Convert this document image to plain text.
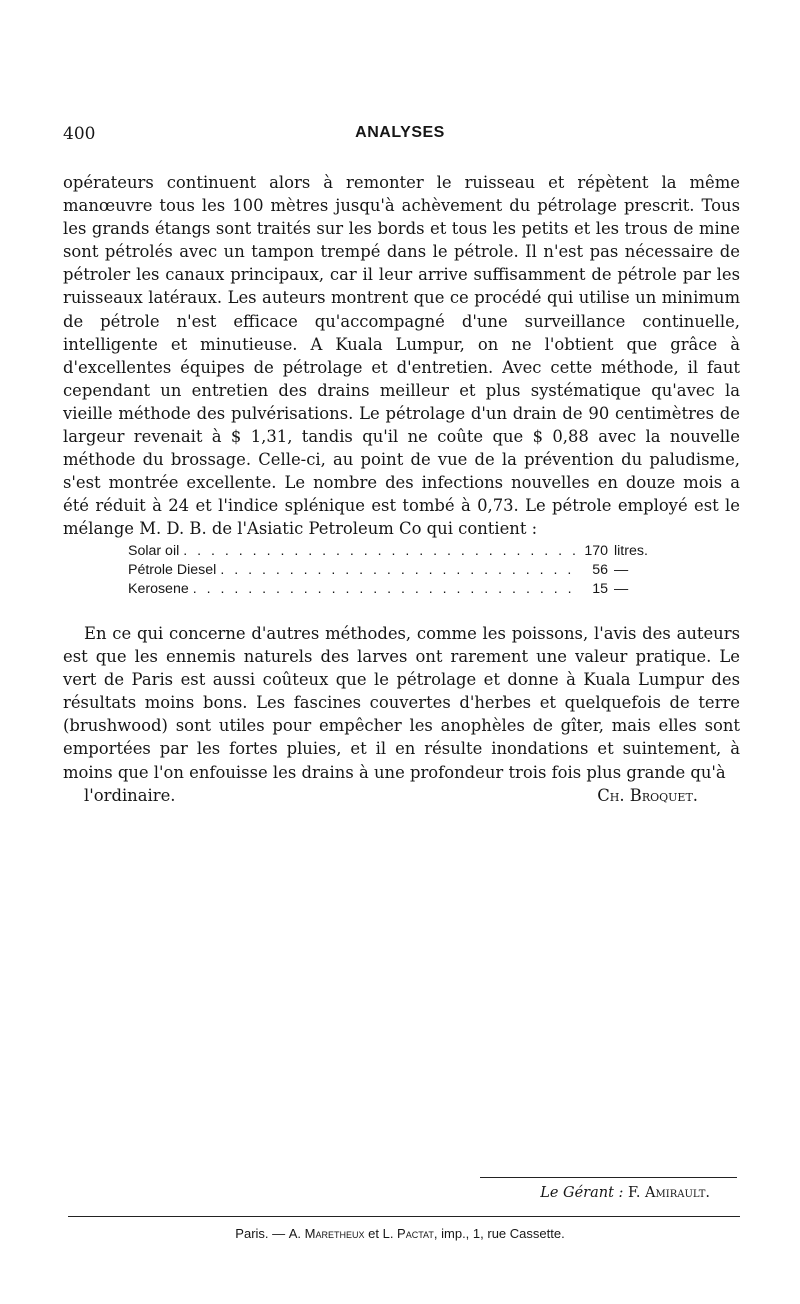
400	ANALYSES

opérateurs continuent alors à remonter le ruisseau et répètent la même manœuvre tous les 100 mètres jusqu'à achèvement du pétrolage prescrit. Tous les grands étangs sont traités sur les bords et tous les petits et les trous de mine sont pétrolés avec un tampon trempé dans le pétrole. Il n'est pas nécessaire de pétroler les canaux principaux, car il leur arrive suffisamment de pétrole par les ruisseaux latéraux. Les auteurs montrent que ce procédé qui utilise un minimum de pétrole n'est efficace qu'accompagné d'une surveillance continuelle, intelligente et minutieuse. A Kuala Lumpur, on ne l'obtient que grâce à d'excellentes équipes de pétrolage et d'entretien. Avec cette méthode, il faut cependant un entretien des drains meilleur et plus systématique qu'avec la vieille méthode des pulvérisations. Le pétrolage d'un drain de 90 centimètres de largeur revenait à $ 1,31, tandis qu'il ne coûte que $ 0,88 avec la nouvelle méthode du brossage. Celle-ci, au point de vue de la prévention du paludisme, s'est montrée excellente. Le nombre des infections nouvelles en douze mois a été réduit à 24 et l'indice splénique est tombé à 0,73. Le pétrole employé est le mélange M. D. B. de l'Asiatic Petroleum Co qui contient :

Solar oil . . .	170 litres.
Pétrole Diesel . . .	56 —
Kerosene . . .	15 —

En ce qui concerne d'autres méthodes, comme les poissons, l'avis des auteurs est que les ennemis naturels des larves ont rarement une valeur pratique. Le vert de Paris est aussi coûteux que le pétrolage et donne à Kuala Lumpur des résultats moins bons. Les fascines couvertes d'herbes et quelquefois de terre (brushwood) sont utiles pour empêcher les anophèles de gîter, mais elles sont emportées par les fortes pluies, et il en résulte inondations et suintement, à moins que l'on enfouisse les drains à une profondeur trois fois plus grande qu'à

l'ordinaire.	Ch. Broquet.
Le Gérant : F. Amirault.
Paris. — A. Maretheux et L. Pactat, imp., 1, rue Cassette.
